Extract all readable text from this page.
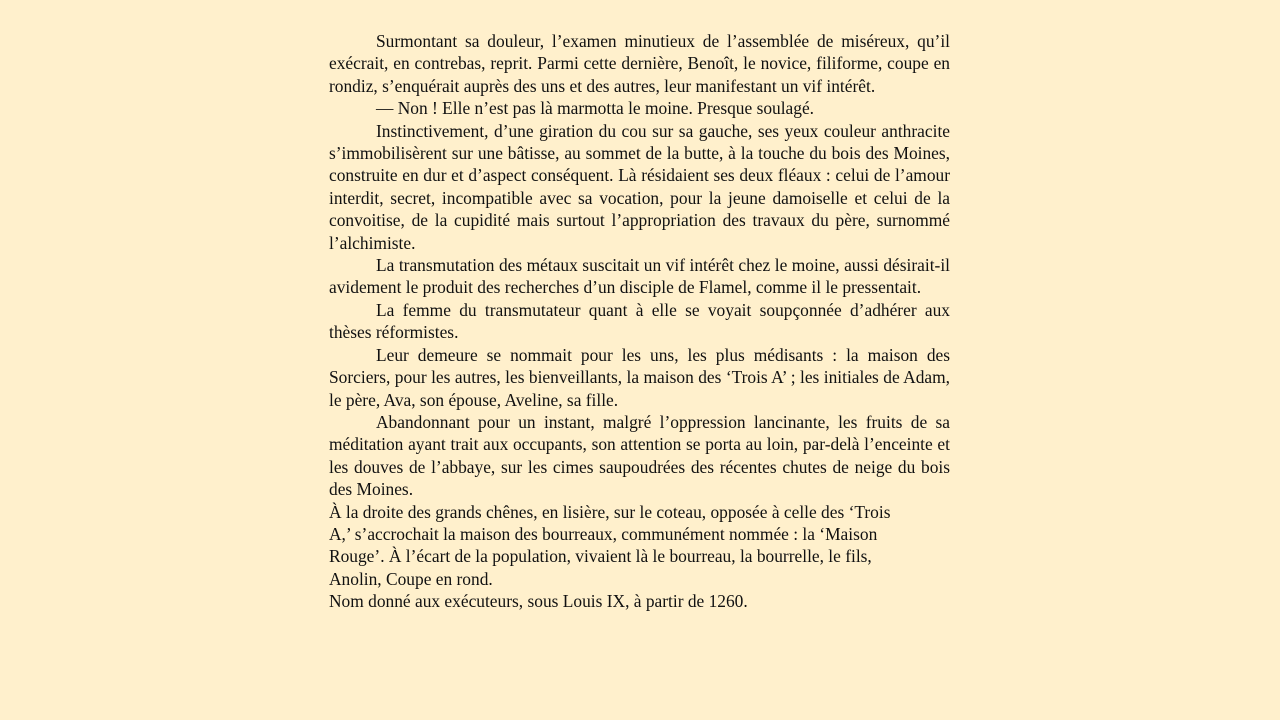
Surmontant sa douleur, l’examen minutieux de l’assemblée de miséreux, qu’il exécrait, en contrebas, reprit. Parmi cette dernière, Benoît, le novice, filiforme, coupe en rondiz, s’enquérait auprès des uns et des autres, leur manifestant un vif intérêt.

— Non ! Elle n’est pas là marmotta le moine. Presque soulagé.

Instinctivement, d’une giration du cou sur sa gauche, ses yeux couleur anthracite s’immobilisèrent sur une bâtisse, au sommet de la butte, à la touche du bois des Moines, construite en dur et d’aspect conséquent. Là résidaient ses deux fléaux : celui de l’amour interdit, secret, incompatible avec sa vocation, pour la jeune damoiselle et celui de la convoitise, de la cupidité mais surtout l’appropriation des travaux du père, surnommé l’alchimiste.

La transmutation des métaux suscitait un vif intérêt chez le moine, aussi désirait-il avidement le produit des recherches d’un disciple de Flamel, comme il le pressentait.

La femme du transmutateur quant à elle se voyait soupçonnée d’adhérer aux thèses réformistes.

Leur demeure se nommait pour les uns, les plus médisants : la maison des Sorciers, pour les autres, les bienveillants, la maison des ‘Trois A’ ; les initiales de Adam, le père, Ava, son épouse, Aveline, sa fille.

Abandonnant pour un instant, malgré l’oppression lancinante, les fruits de sa méditation ayant trait aux occupants, son attention se porta au loin, par-delà l’enceinte et les douves de l’abbaye, sur les cimes saupoudrées des récentes chutes de neige du bois des Moines.

À la droite des grands chênes, en lisière, sur le coteau, opposée à celle des ‘Trois
A,’ s’accrochait la maison des bourreaux, communément nommée : la ‘Maison
Rouge’. À l’écart de la population, vivaient là le bourreau, la bourrelle, le fils,
Anolin, Coupe en rond.
Nom donné aux exécuteurs, sous Louis IX, à partir de 1260.
